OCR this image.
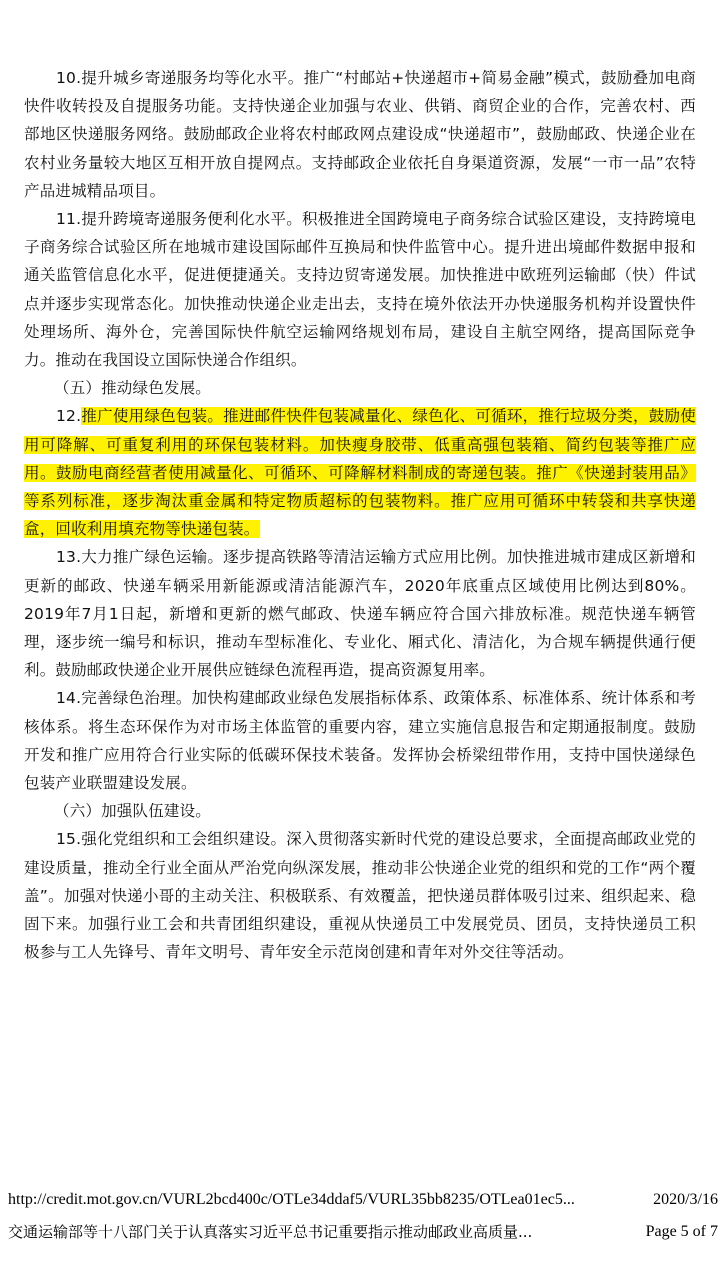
10.提升城乡寄递服务均等化水平。推广“村邮站+快递超市+简易金融”模式，鼓励叠加电商快件收转投及自提服务功能。支持快递企业加强与农业、供销、商贸企业的合作，完善农村、西部地区快递服务网络。鼓励邮政企业将农村邮政网点建设成“快递超市”，鼓励邮政、快递企业在农村业务量较大地区互相开放自提网点。支持邮政企业依托自身渠道资源，发展“一市一品”农特产品进城精品项目。

11.提升跨境寄递服务便利化水平。积极推进全国跨境电子商务综合试验区建设，支持跨境电子商务综合试验区所在地城市建设国际邮件互换局和快件监管中心。提升进出境邮件数据申报和通关监管信息化水平，促进便捷通关。支持边贸寄递发展。加快推进中欧班列运输邮（快）件试点并逐步实现常态化。加快推动快递企业走出去，支持在境外依法开办快递服务机构并设置快件处理场所、海外仓，完善国际快件航空运输网络规划布局，建设自主航空网络，提高国际竞争力。推动在我国设立国际快递合作组织。

（五）推动绿色发展。

12.推广使用绿色包装。推进邮件快件包装减量化、绿色化、可循环，推行垃圾分类，鼓励使用可降解、可重复利用的环保包装材料。加快瘦身胶带、低重高强包装箱、简约包装等推广应用。鼓励电商经营者使用减量化、可循环、可降解材料制成的寄递包装。推广《快递封装用品》等系列标准，逐步淘汰重金属和特定物质超标的包装物料。推广应用可循环中转袋和共享快递盒，回收利用填充物等快递包装。

13.大力推广绿色运输。逐步提高铁路等清洁运输方式应用比例。加快推进城市建成区新增和更新的邮政、快递车辆采用新能源或清洁能源汽车，2020年底重点区域使用比例达到80%。2019年7月1日起，新增和更新的燃气邮政、快递车辆应符合国六排放标准。规范快递车辆管理，逐步统一编号和标识，推动车型标准化、专业化、厢式化、清洁化，为合规车辆提供通行便利。鼓励邮政快递企业开展供应链绿色流程再造，提高资源复用率。

14.完善绿色治理。加快构建邮政业绿色发展指标体系、政策体系、标准体系、统计体系和考核体系。将生态环保作为对市场主体监管的重要内容，建立实施信息报告和定期通报制度。鼓励开发和推广应用符合行业实际的低碳环保技术装备。发挥协会桥梁纽带作用，支持中国快递绿色包装产业联盟建设发展。

（六）加强队伍建设。

15.强化党组织和工会组织建设。深入贯彻落实新时代党的建设总要求，全面提高邮政业党的建设质量，推动全行业全面从严治党向纵深发展，推动非公快递企业党的组织和党的工作“两个覆盖”。加强对快递小哥的主动关注、积极联系、有效覆盖，把快递员群体吸引过来、组织起来、稳固下来。加强行业工会和共青团组织建设，重视从快递员工中发展党员、团员，支持快递员工积极参与工人先锋号、青年文明号、青年安全示范岗创建和青年对外交往等活动。

http://credit.mot.gov.cn/VURL2bcd400c/OTLe34ddaf5/VURL35bb8235/OTLea01ec5...	2020/3/16
交通运输部等十八部门关于认真落实习近平总书记重要指示推动邮政业高质量...	Page 5 of 7
